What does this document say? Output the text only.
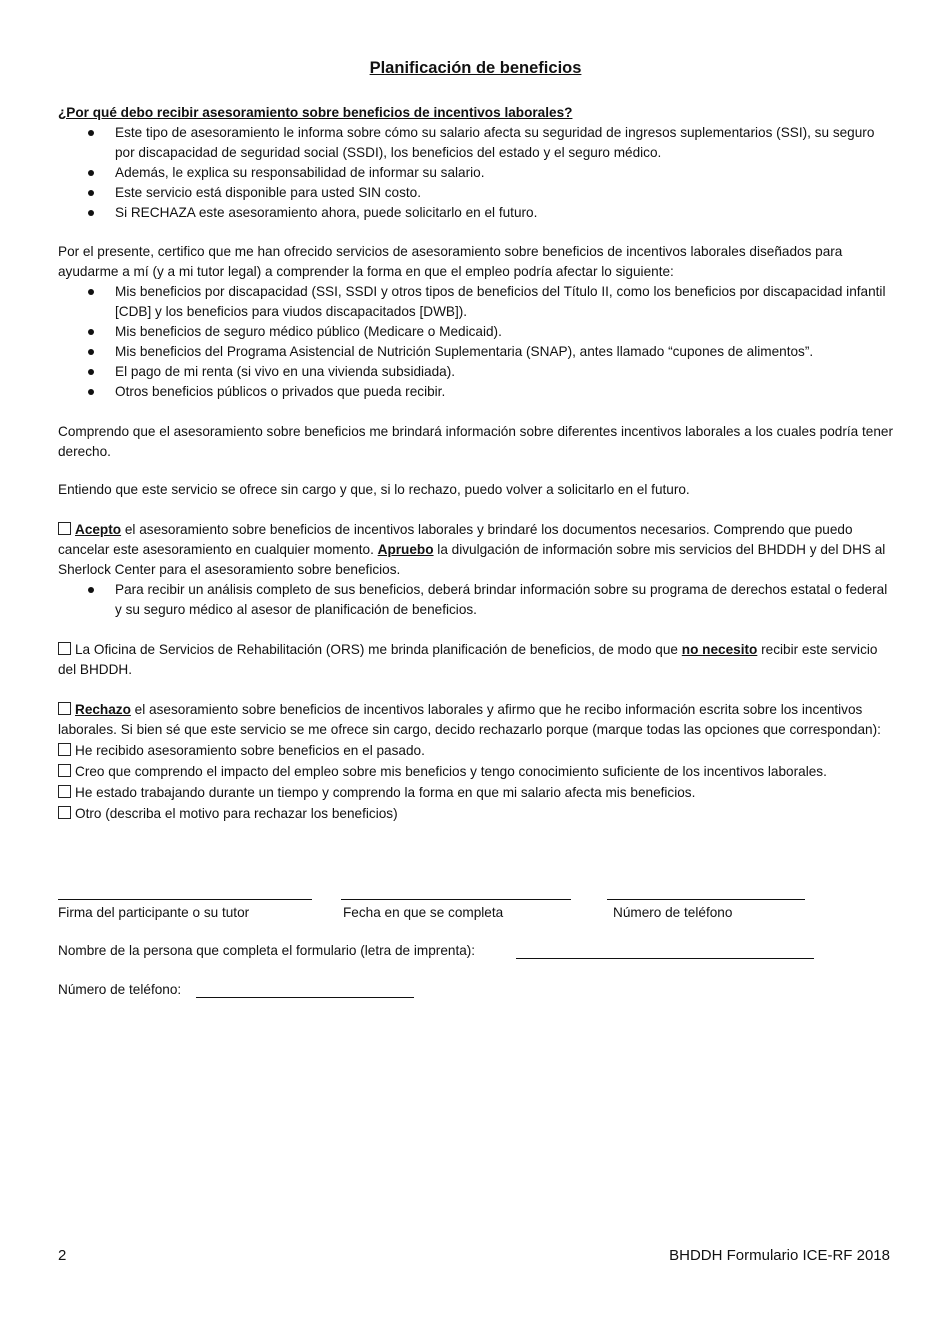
Planificación de beneficios
¿Por qué debo recibir asesoramiento sobre beneficios de incentivos laborales?
Este tipo de asesoramiento le informa sobre cómo su salario afecta su seguridad de ingresos suplementarios (SSI), su seguro por discapacidad de seguridad social (SSDI), los beneficios del estado y el seguro médico.
Además, le explica su responsabilidad de informar su salario.
Este servicio está disponible para usted SIN costo.
Si RECHAZA este asesoramiento ahora, puede solicitarlo en el futuro.

Por el presente, certifico que me han ofrecido servicios de asesoramiento sobre beneficios de incentivos laborales diseñados para ayudarme a mí (y a mi tutor legal) a comprender la forma en que el empleo podría afectar lo siguiente:

Mis beneficios por discapacidad (SSI, SSDI y otros tipos de beneficios del Título II, como los beneficios por discapacidad infantil [CDB] y los beneficios para viudos discapacitados [DWB]).
Mis beneficios de seguro médico público (Medicare o Medicaid).
Mis beneficios del Programa Asistencial de Nutrición Suplementaria (SNAP), antes llamado “cupones de alimentos”.
El pago de mi renta (si vivo en una vivienda subsidiada).
Otros beneficios públicos o privados que pueda recibir.

Comprendo que el asesoramiento sobre beneficios me brindará información sobre diferentes incentivos laborales a los cuales podría tener derecho.

Entiendo que este servicio se ofrece sin cargo y que, si lo rechazo, puedo volver a solicitarlo en el futuro.

Acepto el asesoramiento sobre beneficios de incentivos laborales y brindaré los documentos necesarios. Comprendo que puedo cancelar este asesoramiento en cualquier momento. Apruebo la divulgación de información sobre mis servicios del BHDDH y del DHS al Sherlock Center para el asesoramiento sobre beneficios.

Para recibir un análisis completo de sus beneficios, deberá brindar información sobre su programa de derechos estatal o federal y su seguro médico al asesor de planificación de beneficios.

La Oficina de Servicios de Rehabilitación (ORS) me brinda planificación de beneficios, de modo que no necesito recibir este servicio del BHDDH.

Rechazo el asesoramiento sobre beneficios de incentivos laborales y afirmo que he recibo información escrita sobre los incentivos laborales. Si bien sé que este servicio se me ofrece sin cargo, decido rechazarlo porque (marque todas las opciones que correspondan):

He recibido asesoramiento sobre beneficios en el pasado.
Creo que comprendo el impacto del empleo sobre mis beneficios y tengo conocimiento suficiente de los incentivos laborales.
He estado trabajando durante un tiempo y comprendo la forma en que mi salario afecta mis beneficios.
Otro (describa el motivo para rechazar los beneficios)
Firma del participante o su tutor	Fecha en que se completa	Número de teléfono
Nombre de la persona que completa el formulario (letra de imprenta):
Número de teléfono:
2	BHDDH Formulario ICE-RF 2018
